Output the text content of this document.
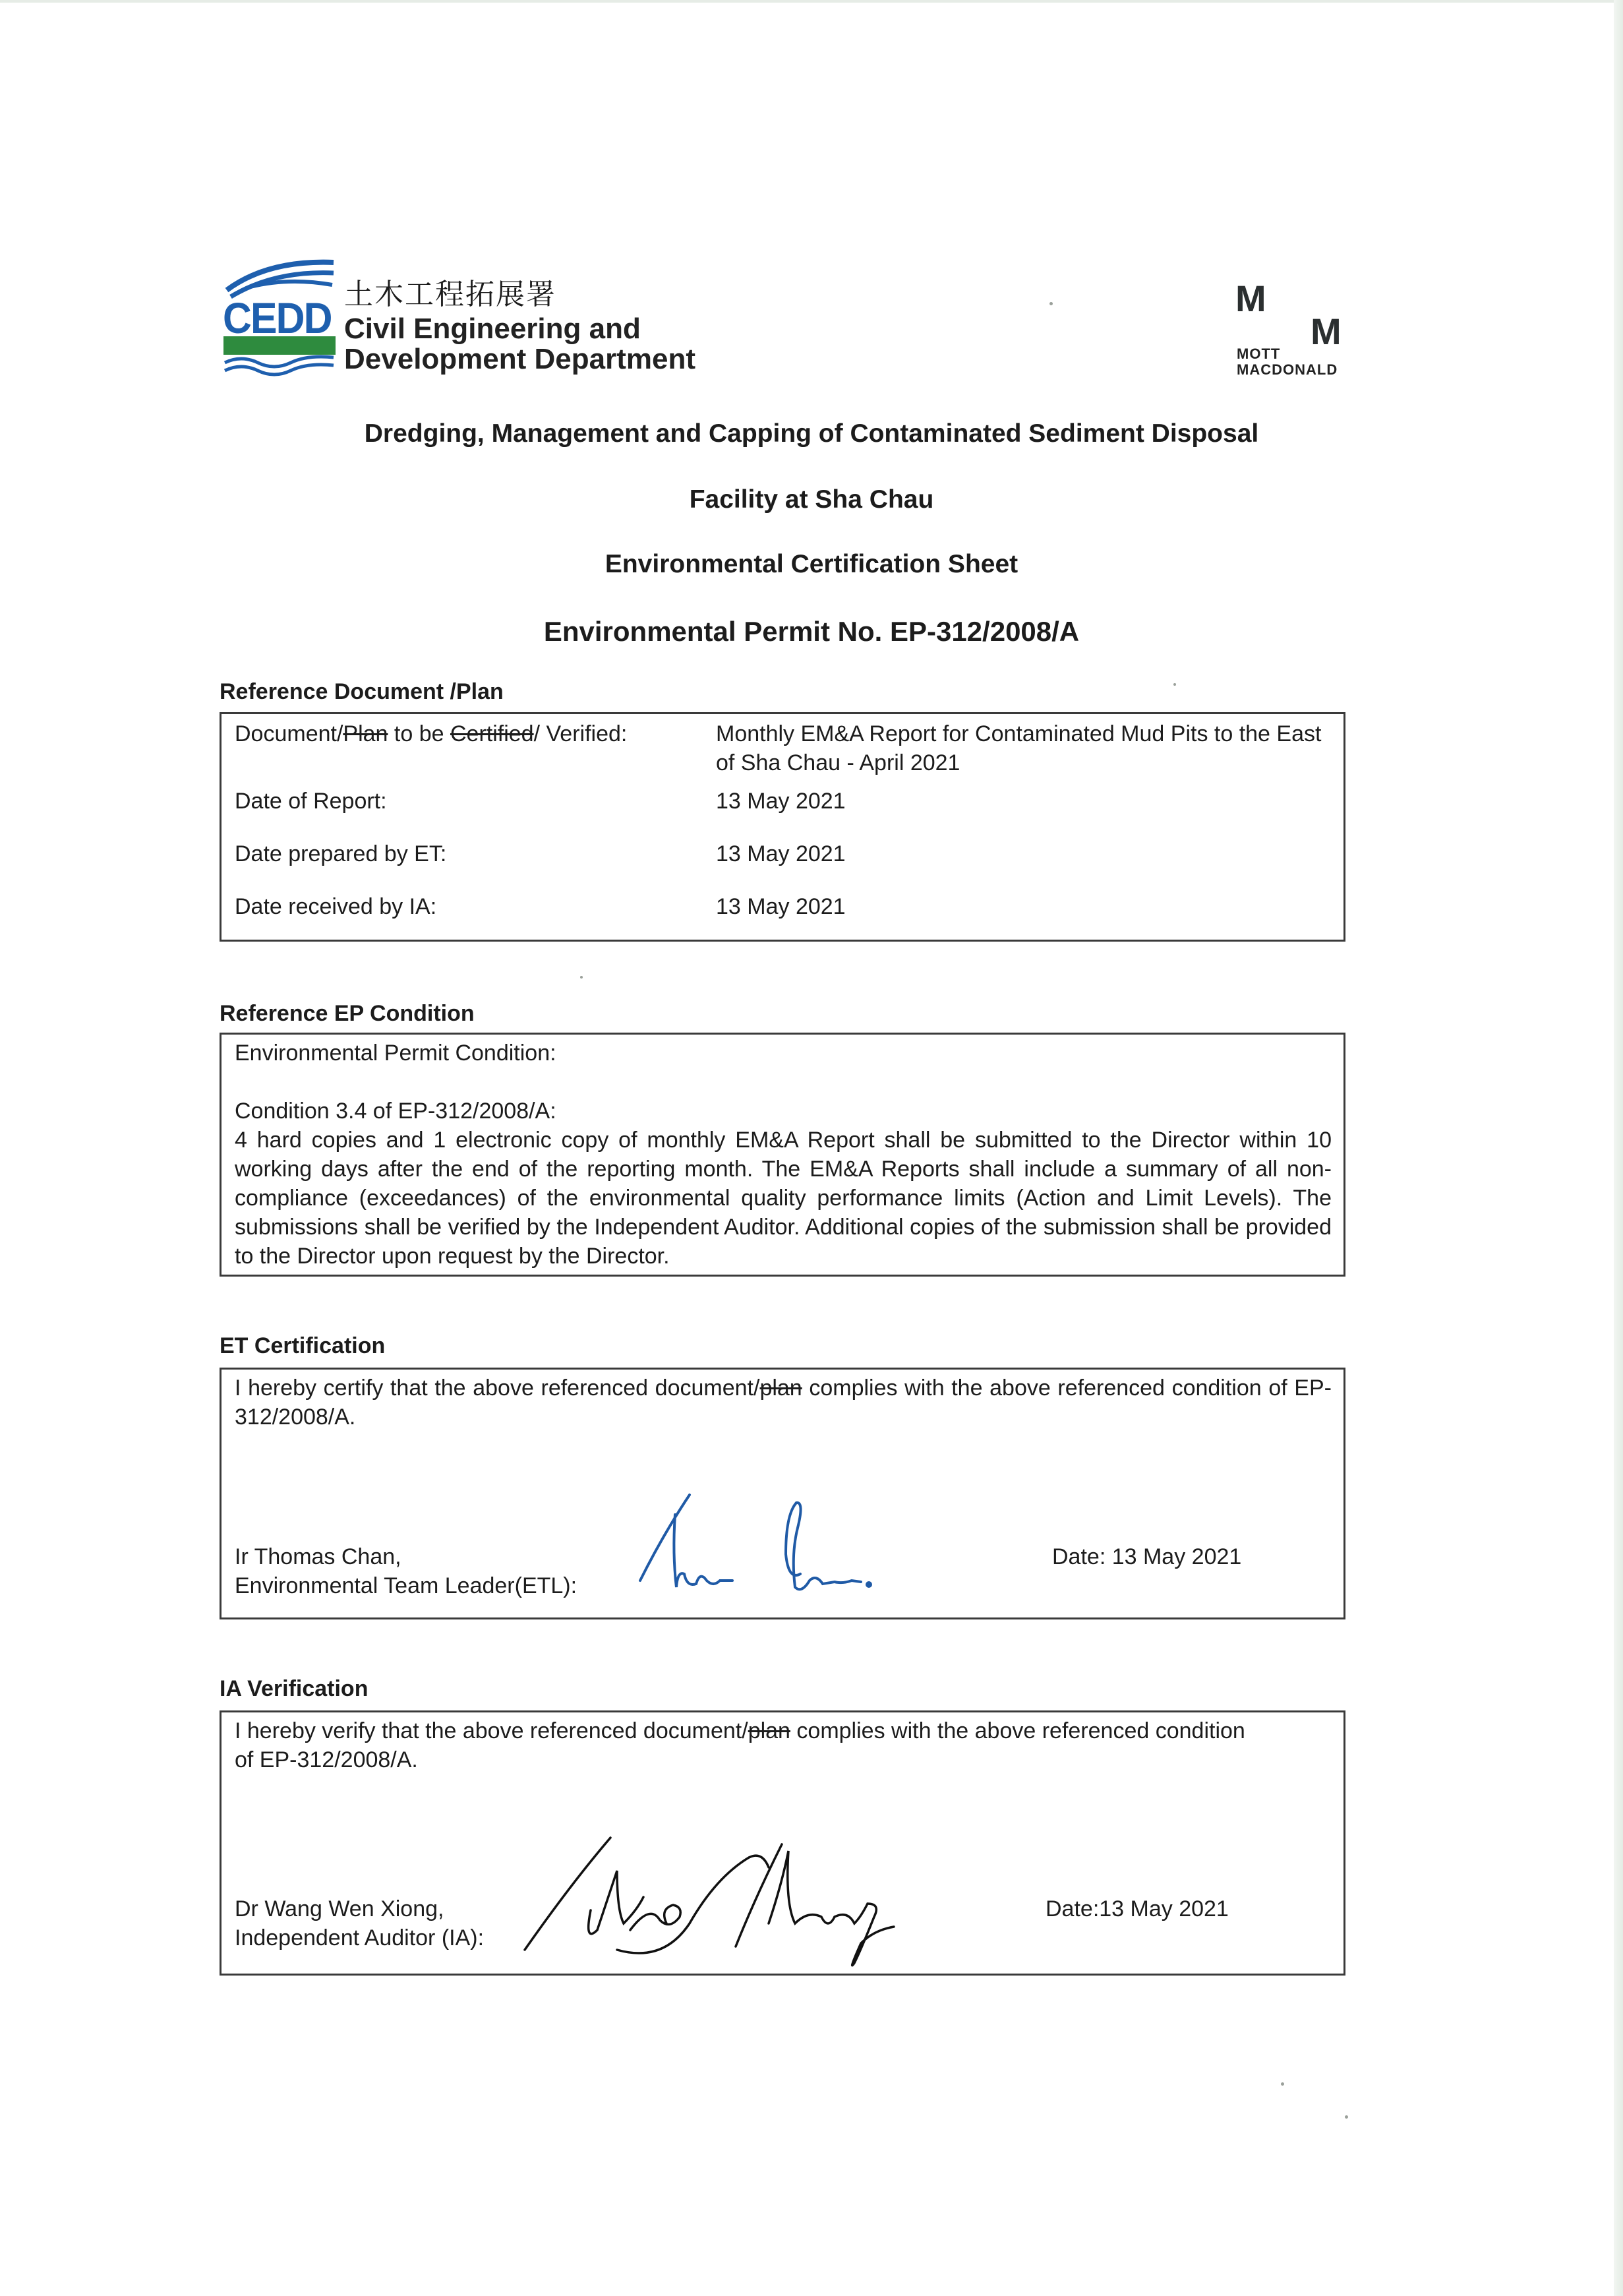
CEDD 土木工程拓展署
Civil Engineering and
Development Department
M
M
MOTT
MACDONALD
Dredging, Management and Capping of Contaminated Sediment Disposal
Facility at Sha Chau
Environmental Certification Sheet
Environmental Permit No. EP-312/2008/A
Reference Document /Plan
Document/Plan to be Certified/ Verified:	Monthly EM&A Report for Contaminated Mud Pits to the East of Sha Chau - April 2021
Date of Report:	13 May 2021
Date prepared by ET:	13 May 2021
Date received by IA:	13 May 2021
Reference EP Condition
Environmental Permit Condition:
Condition 3.4 of EP-312/2008/A:
4 hard copies and 1 electronic copy of monthly EM&A Report shall be submitted to the Director within 10 working days after the end of the reporting month. The EM&A Reports shall include a summary of all non-compliance (exceedances) of the environmental quality performance limits (Action and Limit Levels). The submissions shall be verified by the Independent Auditor. Additional copies of the submission shall be provided to the Director upon request by the Director.
ET Certification
I hereby certify that the above referenced document/plan complies with the above referenced condition of EP-312/2008/A.
Ir Thomas Chan,
Environmental Team Leader(ETL):
Date: 13 May 2021
IA Verification
I hereby verify that the above referenced document/plan complies with the above referenced condition of EP-312/2008/A.
Dr Wang Wen Xiong,
Independent Auditor (IA):
Date:13 May 2021
